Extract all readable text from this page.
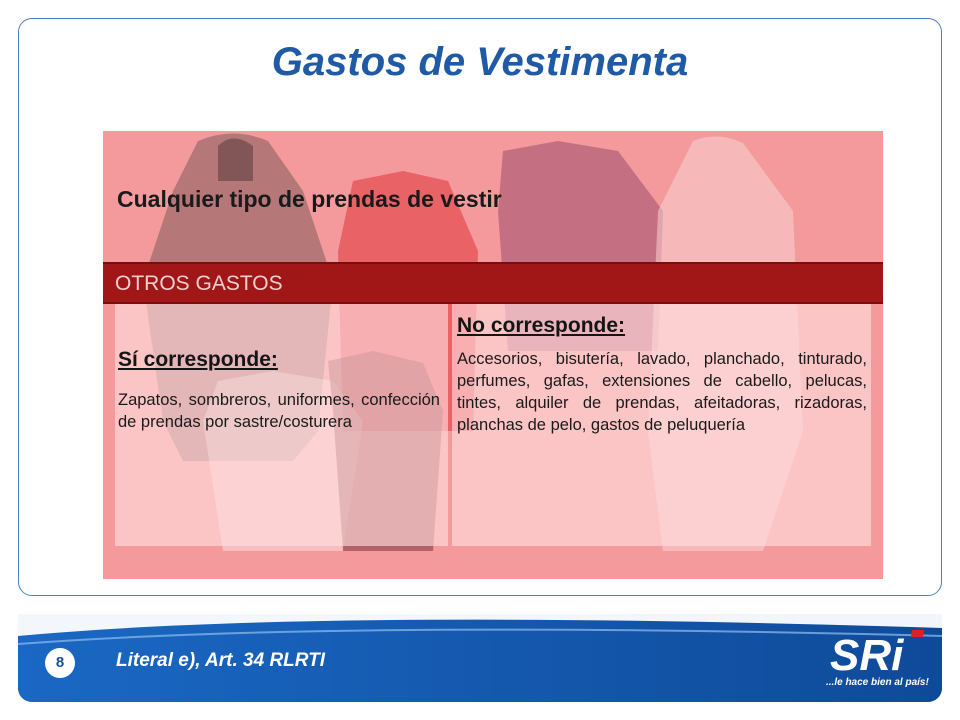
Gastos de Vestimenta
Cualquier tipo de prendas de vestir
OTROS GASTOS
Sí corresponde:
Zapatos, sombreros, uniformes, confección de prendas por sastre/costurera
No corresponde:
Accesorios, bisutería, lavado, planchado, tinturado, perfumes, gafas, extensiones de cabello, pelucas, tintes, alquiler de prendas, afeitadoras, rizadoras, planchas de pelo, gastos de peluquería
8	Literal e), Art. 34 RLRTI	SRi
...le hace bien al país!
